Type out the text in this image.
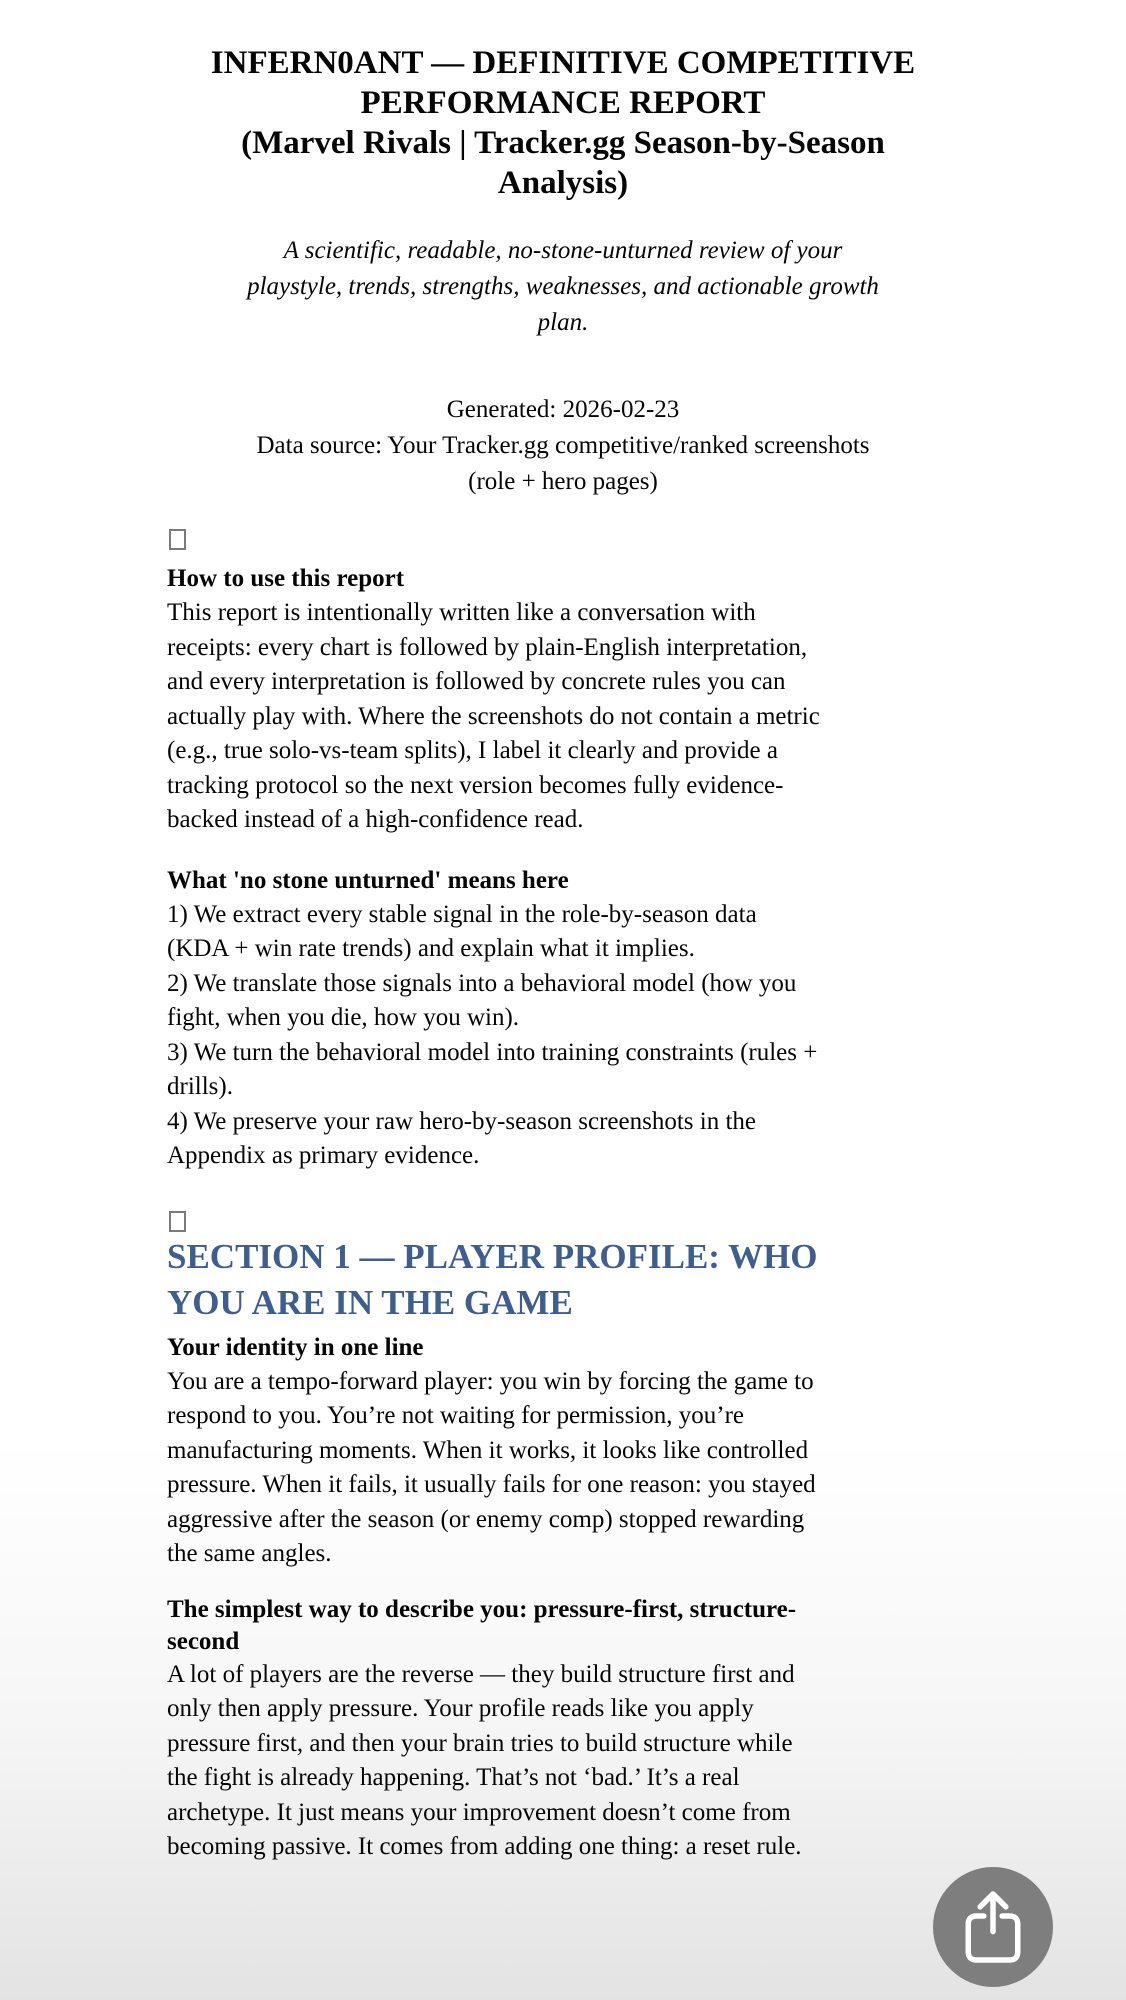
INFERN0ANT — DEFINITIVE COMPETITIVE
PERFORMANCE REPORT
(Marvel Rivals | Tracker.gg Season-by-Season
Analysis)
A scientific, readable, no-stone-unturned review of your
playstyle, trends, strengths, weaknesses, and actionable growth
plan.
Generated: 2026-02-23
Data source: Your Tracker.gg competitive/ranked screenshots
(role + hero pages)
How to use this report

This report is intentionally written like a conversation with
receipts: every chart is followed by plain-English interpretation,
and every interpretation is followed by concrete rules you can
actually play with. Where the screenshots do not contain a metric
(e.g., true solo-vs-team splits), I label it clearly and provide a
tracking protocol so the next version becomes fully evidence-
backed instead of a high-confidence read.

What 'no stone unturned' means here

1) We extract every stable signal in the role-by-season data
(KDA + win rate trends) and explain what it implies.
2) We translate those signals into a behavioral model (how you
fight, when you die, how you win).
3) We turn the behavioral model into training constraints (rules +
drills).
4) We preserve your raw hero-by-season screenshots in the
Appendix as primary evidence.

SECTION 1 — PLAYER PROFILE: WHO
YOU ARE IN THE GAME
Your identity in one line

You are a tempo-forward player: you win by forcing the game to
respond to you. You’re not waiting for permission, you’re
manufacturing moments. When it works, it looks like controlled
pressure. When it fails, it usually fails for one reason: you stayed
aggressive after the season (or enemy comp) stopped rewarding
the same angles.

The simplest way to describe you: pressure-first, structure-
second

A lot of players are the reverse — they build structure first and
only then apply pressure. Your profile reads like you apply
pressure first, and then your brain tries to build structure while
the fight is already happening. That’s not ‘bad.’ It’s a real
archetype. It just means your improvement doesn’t come from
becoming passive. It comes from adding one thing: a reset rule.
